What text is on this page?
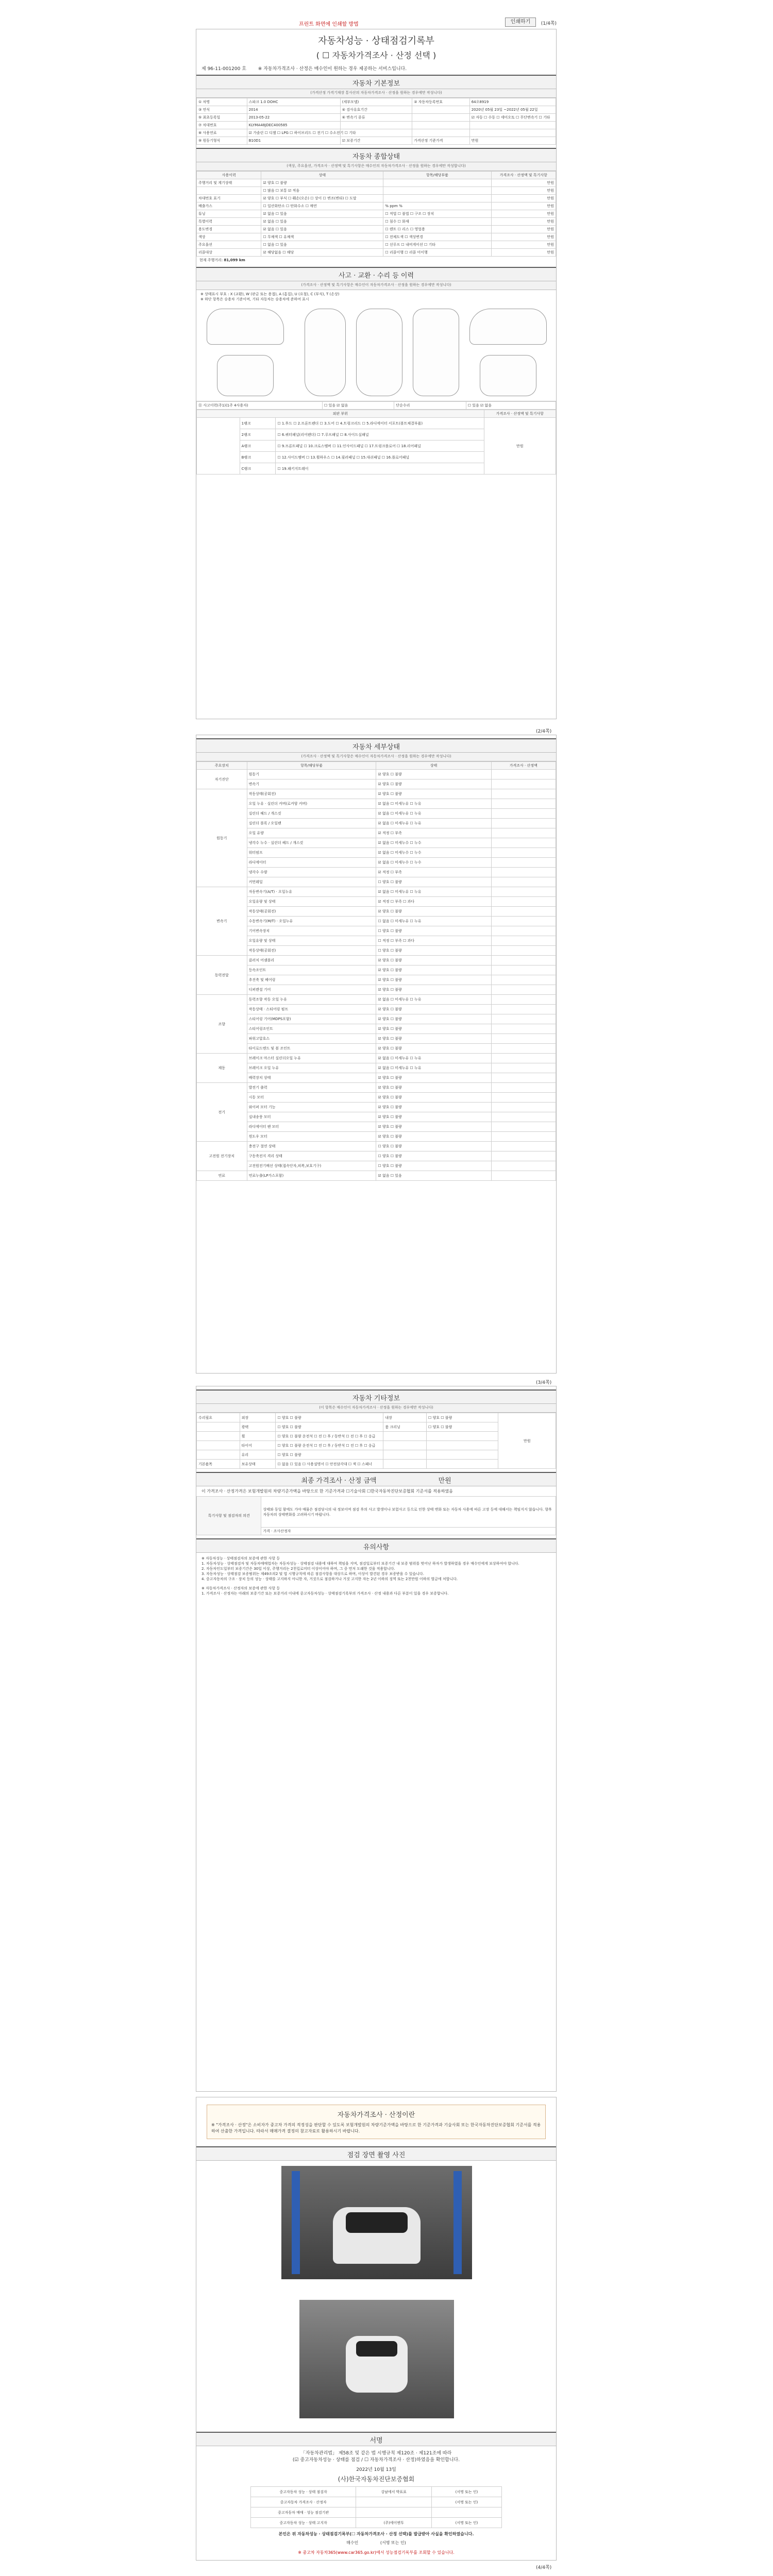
프린트 화면에 인쇄할 방법	인쇄하기	(1/4쪽)
자동차성능 · 상태점검기록부
( ☐ 자동차가격조사 · 산정 선택 )
제 96-11-001200 호	※ 자동차가격조사 · 산정은 매수인이 원하는 경우 제공하는 서비스입니다.
자동차 기본정보
(가격산정 가격기재장 통사산의 자동차가격조사 · 산정을 원하는 경우에만 작성니다)
① 차명	스파크 1.0 DOHC	(세부모델)	② 자동차등록번호	64오8919
③ 연식	2014	④ 검사유효기간		2020년 05월 23일 ~2022년 05월 22일
⑤ 최초등록일	2013-05-22	⑥ 변속기 종류		☑ 자동 ☐ 수동 ☐ 세미오토 ☐ 무단변속기 ☐ 기타
⑦ 차대번호	KLYMA48JDEC400585			
⑧ 사용연료	☑ 가솔린 ☐ 디젤 ☐ LPG ☐ 하이브리드 ☐ 전기 ☐ 수소전기 ☐ 기타			
⑨ 원동기형식	B10D1	☑ 보증기간	가격산정 기준가격	만원
자동차 종합상태
(색상, 주요옵션, 가격조사 · 산정액 및 특기사항은 매수인의 자동차가격조사 · 산정을 원하는 경우에만 작성합니다)
사용이력	상태	항목/해당부품	가격조사 · 산정액 및 특기사항
주행거리 및 계기상태	☑ 양호 ☐ 불량		만원
	☐ 많음 ☐ 보통 ☑ 적음		만원
차대번호 표기	☑ 양호 ☐ 부식 ☐ 훼손(오손) ☐ 상이 ☐ 변조(변타) ☐ 도말		만원
배출가스	☐ 일산화탄소 ☐ 탄화수소 ☐ 매연	% ppm %	만원
튜닝	☑ 없음 ☐ 있음	☐ 적법 ☐ 불법 ☐ 구조 ☐ 장치	만원
특별이력	☑ 없음 ☐ 있음	☐ 침수 ☐ 화재	만원
용도변경	☑ 없음 ☐ 있음	☐ 렌트 ☐ 리스 ☐ 영업용	만원
색상	☐ 무채색 ☐ 유채색	☐ 전체도색 ☐ 색상변경	만원
주요옵션	☐ 없음 ☐ 있음	☐ 선루프 ☐ 내비게이션 ☐ 기타	만원
리콜대상	☑ 해당없음 ☐ 해당	☐ 리콜이행 ☐ 리콜 미이행	만원
현재 주행거리: 81,099 km
사고 · 교환 · 수리 등 이력
(가격조사 · 산정액 및 특기사항은 매수인이 자동차가격조사 · 산정을 원하는 경우에만 작성니다)
※ 상태표시 부호 : X (교환), W (판금 또는 용접), A (흠집), U (요철), C (부식), T (손상)
※ 하단 항목은 승용차 기준이며, 기타 자동차는 승용차에 준하여 표시
⑪ 사고이력(주1)(1주 4사용자)	☐ 있음 ☑ 없음	단순수리	☐ 있음 ☑ 없음
외판 부위			가격조사 · 산정액 및 특기사항
	1랭크	☐ 1.후드 ☐ 2.프론트펜더 ☐ 3.도어 ☐ 4.트렁크리드 ☐ 5.라디에이터 서포트(볼트체결부품)	만원
	2랭크	☐ 6.쿼터패널(리어펜더) ☐ 7.루프패널 ☐ 8.사이드실패널	
	A랭크	☐ 9.프론트패널 ☐ 10.크로스멤버 ☐ 11.인사이드패널 ☐ 17.트렁크플로어 ☐ 18.리어패널	
	B랭크	☐ 12.사이드멤버 ☐ 13.휠하우스 ☐ 14.필러패널 ☐ 15.대쉬패널 ☐ 16.플로어패널	
	C랭크	☐ 19.패키지트레이	
(2/4쪽)
자동차 세부상태
(가격조사 · 산정액 및 특기사항은 매수인이 자동차가격조사 · 산정을 원하는 경우에만 작성니다)
주요장치	항목/해당부품	상태	가격조사 · 산정액
자기진단	원동기	☑ 양호 ☐ 불량	
	변속기	☑ 양호 ☐ 불량	
원동기	작동상태(공회전)	☑ 양호 ☐ 불량	
	오일 누유 · 실린더 커버(로커암 커버)	☑ 없음 ☐ 미세누유 ☐ 누유	
	실린더 헤드 / 개스킷	☑ 없음 ☐ 미세누유 ☐ 누유	
	실린더 블록 / 오일팬	☑ 없음 ☐ 미세누유 ☐ 누유	
	오일 유량	☑ 적정 ☐ 부족	
	냉각수 누수 · 실린더 헤드 / 개스킷	☑ 없음 ☐ 미세누수 ☐ 누수	
	워터펌프	☑ 없음 ☐ 미세누수 ☐ 누수	
	라디에이터	☑ 없음 ☐ 미세누수 ☐ 누수	
	냉각수 수량	☑ 적정 ☐ 부족	
	커먼레일	☐ 양호 ☐ 불량	
변속기	자동변속기(A/T) · 오일누유	☑ 없음 ☐ 미세누유 ☐ 누유	
	오일유량 및 상태	☑ 적정 ☐ 부족 ☐ 과다	
	작동상태(공회전)	☑ 양호 ☐ 불량	
	수동변속기(M/T) · 오일누유	☐ 없음 ☐ 미세누유 ☐ 누유	
	기어변속장치	☐ 양호 ☐ 불량	
	오일유량 및 상태	☐ 적정 ☐ 부족 ☐ 과다	
	작동상태(공회전)	☐ 양호 ☐ 불량	
동력전달	클러치 어셈블리	☑ 양호 ☐ 불량	
	등속조인트	☑ 양호 ☐ 불량	
	추진축 및 베어링	☑ 양호 ☐ 불량	
	디퍼렌셜 기어	☑ 양호 ☐ 불량	
조향	동력조향 작동 오일 누유	☑ 없음 ☐ 미세누유 ☐ 누유	
	작동상태 · 스티어링 펌프	☑ 양호 ☐ 불량	
	스티어링 기어(MDPS포함)	☑ 양호 ☐ 불량	
	스티어링조인트	☑ 양호 ☐ 불량	
	파워고압호스	☑ 양호 ☐ 불량	
	타이로드엔드 및 볼 조인트	☑ 양호 ☐ 불량	
제동	브레이크 마스터 실린더오일 누유	☑ 없음 ☐ 미세누유 ☐ 누유	
	브레이크 오일 누유	☑ 없음 ☐ 미세누유 ☐ 누유	
	배력장치 상태	☑ 양호 ☐ 불량	
전기	발전기 출력	☑ 양호 ☐ 불량	
	시동 모터	☑ 양호 ☐ 불량	
	와이퍼 모터 기능	☑ 양호 ☐ 불량	
	실내송풍 모터	☑ 양호 ☐ 불량	
	라디에이터 팬 모터	☑ 양호 ☐ 불량	
	윈도우 모터	☑ 양호 ☐ 불량	
고전원 전기장치	충전구 절연 상태	☐ 양호 ☐ 불량	
	구동축전지 격리 상태	☐ 양호 ☐ 불량	
	고전원전기배선 상태(접속단자,피복,보호기구)	☐ 양호 ☐ 불량	
연료	연료누출(LP가스포함)	☑ 없음 ☐ 있음	
(3/4쪽)
자동차 기타정보
(이 항목은 매수인이 자동차가격조사 · 산정을 원하는 경우에만 작성니다)
수리필요	외장	☐ 양호 ☐ 불량	내장	☐ 양호 ☐ 불량	만원
	광택	☐ 양호 ☐ 불량	룸 크리닝	☐ 양호 ☐ 불량	
	휠	☐ 양호 ☐ 불량 운전석 ☐ 전 ☐ 후 / 동반석 ☐ 전 ☐ 후 ☐ 응급			
	타이어	☐ 양호 ☐ 불량 운전석 ☐ 전 ☐ 후 / 동반석 ☐ 전 ☐ 후 ☐ 응급			
	유리	☐ 양호 ☐ 불량			
기본품목	보유상태	☐ 없음 ☐ 있음 ☐ 사용설명서 ☐ 안전삼각대 ☐ 잭 ☐ 스패너			
최종 가격조사 · 산정 금액	만원
이 가격조사 · 산정가격은 보험개발원의 차량기준가액을 바탕으로 한 기준가격과 ☐기술사회 ☐한국자동차진단보증협회 기준서를 적용하였음
특기사항 및 점검자의 의견	상태와 동일 함에도 가야 매물은 점검당시의 내 정보이며 점검 후의 사고 발생이나 보험사고 등으로 인한 상태 변화 또는 자동차 사용에 따른 고장 등에 대해서는 책임지지 않습니다. 향후 자동차의 상태변화를 고려하시기 바랍니다.
가격 · 조사산정자
유의사항
※ 자동차성능 · 상태점검자의 보증에 관한 사항 등
1. 자동차성능 · 상태점검자 및 자동차매매업자는 자동차성능 · 상태점검 내용에 대하여 책임을 지며, 점검일로부터 보증기간 내 보증 범위를 벗어난 하자가 발생하였을 경우 매수인에게 보상하여야 합니다.
2. 자동차인도일부터 보증기간은 30일 이상, 주행거리는 2천킬로미터 이상이어야 하며, 그 중 먼저 도래한 것을 적용합니다.
3. 자동차성능 · 상태점검 보증범위는 제49조의2 및 법 시행규칙에 따른 점검사항을 대상으로 하며, 이상이 발견된 경우 보증받을 수 있습니다.
4. 중고자동차의 구조 · 장치 등의 성능 · 상태를 고지하지 아니한 자, 거짓으로 점검하거나 거짓 고지한 자는 2년 이하의 징역 또는 2천만원 이하의 벌금에 처합니다.
※ 자동차가격조사 · 산정자의 보증에 관한 사항 등
1. 가격조사 · 산정자는 아래의 보증기간 또는 보증거리 이내에 중고자동차성능 · 상태점검기록부의 가격조사 · 산정 내용과 다른 부분이 있을 경우 보증합니다.
자동차가격조사 · 산정이란
※ "가격조사 · 산정"은 소비자가 중고차 가격의 적정성을 판단할 수 있도록 보험개발원의 차량기준가액을 바탕으로 한 기준가격과 기술사회 또는 한국자동차진단보증협회 기준서를 적용하여 산출한 가격입니다. 따라서 매매가격 결정의 참고자료로 활용하시기 바랍니다.
점검 장면 촬영 사진
서명
「자동차관리법」 제58조 및 같은 법 시행규칙 제120조 · 제121조에 따라
(☑ 중고자동차성능 · 상태를 점검 / ☐ 자동차가격조사 · 산정)하였음을 확인합니다.
2022년 10월 13일
(사)한국자동차진단보증협회
중고자동차 성능 · 상태 점검자	강남에서 박표표	(서명 또는 인)
중고자동차 가격조사 · 산정자		(서명 또는 인)
중고자동차 매매 · 성능 점검기관		
중고자동차 성능 · 상태 고지자	(주)에이엔투	(서명 또는 인)
본인은 위 자동차성능 · 상태점검기록부(☐ 자동차가격조사 · 산정 선택)를 발급받아 사실을 확인하였습니다.
매수인	(서명 또는 인)
※ 중고차 자동차365(www.car365.go.kr)에서 성능점검기록부를 조회할 수 있습니다.
(4/4쪽)
